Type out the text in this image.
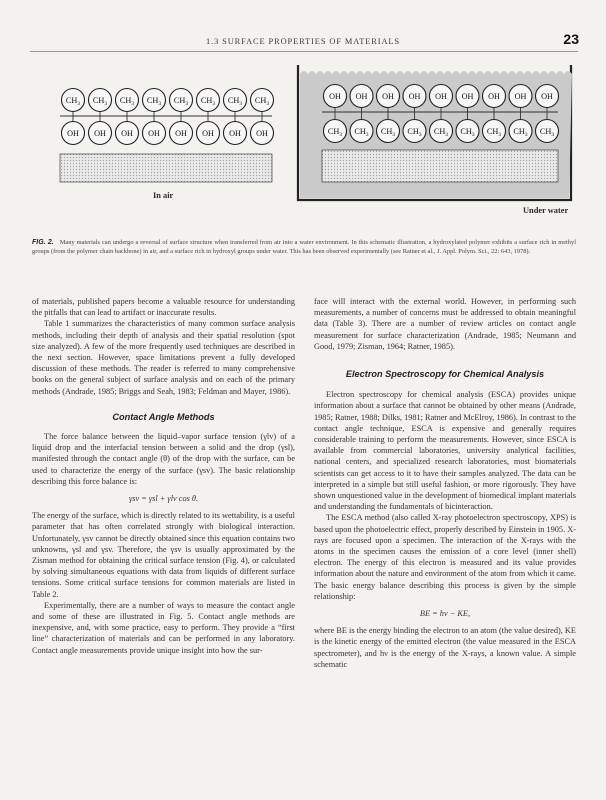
1.3 SURFACE PROPERTIES OF MATERIALS	23
$CH_3$ $CH_3$ $CH_3$ $CH_3$ $CH_3$ $CH_3$ $CH_3$ $CH_3$
OH OH OH OH OH OH OH OH
OH OH OH OH OH OH OH OH OH
$CH_3$ $CH_3$ $CH_3$ $CH_3$ $CH_3$ $CH_3$ $CH_3$ $CH_3$ $CH_3$
In air
Under water
FIG. 2. Many materials can undergo a reversal of surface structure when transferred from air into a water environment. In this schematic illustration, a hydroxylated polymer exhibits a surface rich in methyl groups (from the polymer chain backbone) in air, and a surface rich in hydroxyl groups under water. This has been observed experimentally (see Ratner et al., J. Appl. Polym. Sci., 22: 643, 1978).

of materials, published papers become a valuable resource for understanding the pitfalls that can lead to artifact or inaccurate results.

Table 1 summarizes the characteristics of many common surface analysis methods, including their depth of analysis and their spatial resolution (spot size analyzed). A few of the more frequently used techniques are described in the next section. However, space limitations prevent a fully developed discussion of these methods. The reader is referred to many comprehensive books on the general subject of surface analysis and on each of the primary methods (Andrade, 1985; Briggs and Seah, 1983; Feldman and Mayer, 1986).

Contact Angle Methods

The force balance between the liquid–vapor surface tension (γlv) of a liquid drop and the interfacial tension between a solid and the drop (γsl), manifested through the contact angle (θ) of the drop with the surface, can be used to characterize the energy of the surface (γsv). The basic relationship describing this force balance is:

γsv = γsl + γlv cos θ.

The energy of the surface, which is directly related to its wettability, is a useful parameter that has often correlated strongly with biological interaction. Unfortunately, γsv cannot be directly obtained since this equation contains two unknowns, γsl and γsv. Therefore, the γsv is usually approximated by the Zisman method for obtaining the critical surface tension (Fig. 4), or calculated by solving simultaneous equations with data from liquids of different surface tensions. Some critical surface tensions for common materials are listed in Table 2.

Experimentally, there are a number of ways to measure the contact angle and some of these are illustrated in Fig. 5. Contact angle methods are inexpensive, and, with some practice, easy to perform. They provide a “first line” characterization of materials and can be performed in any laboratory. Contact angle measurements provide unique insight into how the sur-

face will interact with the external world. However, in performing such measurements, a number of concerns must be addressed to obtain meaningful data (Table 3). There are a number of review articles on contact angle measurement for surface characterization (Andrade, 1985; Neumann and Good, 1979; Zisman, 1964; Ratner, 1985).

Electron Spectroscopy for Chemical Analysis

Electron spectroscopy for chemical analysis (ESCA) provides unique information about a surface that cannot be obtained by other means (Andrade, 1985; Ratner, 1988; Dilks, 1981; Ratner and McElroy, 1986). In contrast to the contact angle technique, ESCA is expensive and generally requires considerable training to perform the measurements. However, since ESCA is available from commercial laboratories, university analytical facilities, national centers, and specialized research laboratories, most biomaterials scientists can get access to it to have their samples analyzed. The data can be interpreted in a simple but still useful fashion, or more rigorously. They have shown unquestioned value in the development of biomedical implant materials and understanding the fundamentals of bicinteraction.

The ESCA method (also called X-ray photoelectron spectroscopy, XPS) is based upon the photoelectric effect, properly described by Einstein in 1905. X-rays are focused upon a specimen. The interaction of the X-rays with the atoms in the specimen causes the emission of a core level (inner shell) electron. The energy of this electron is measured and its value provides information about the nature and environment of the atom from which it came. The basic energy balance describing this process is given by the simple relationship:

BE = hν − KE,

where BE is the energy binding the electron to an atom (the value desired), KE is the kinetic energy of the emitted electron (the value measured in the ESCA spectrometer), and hν is the energy of the X-rays, a known value. A simple schematic
